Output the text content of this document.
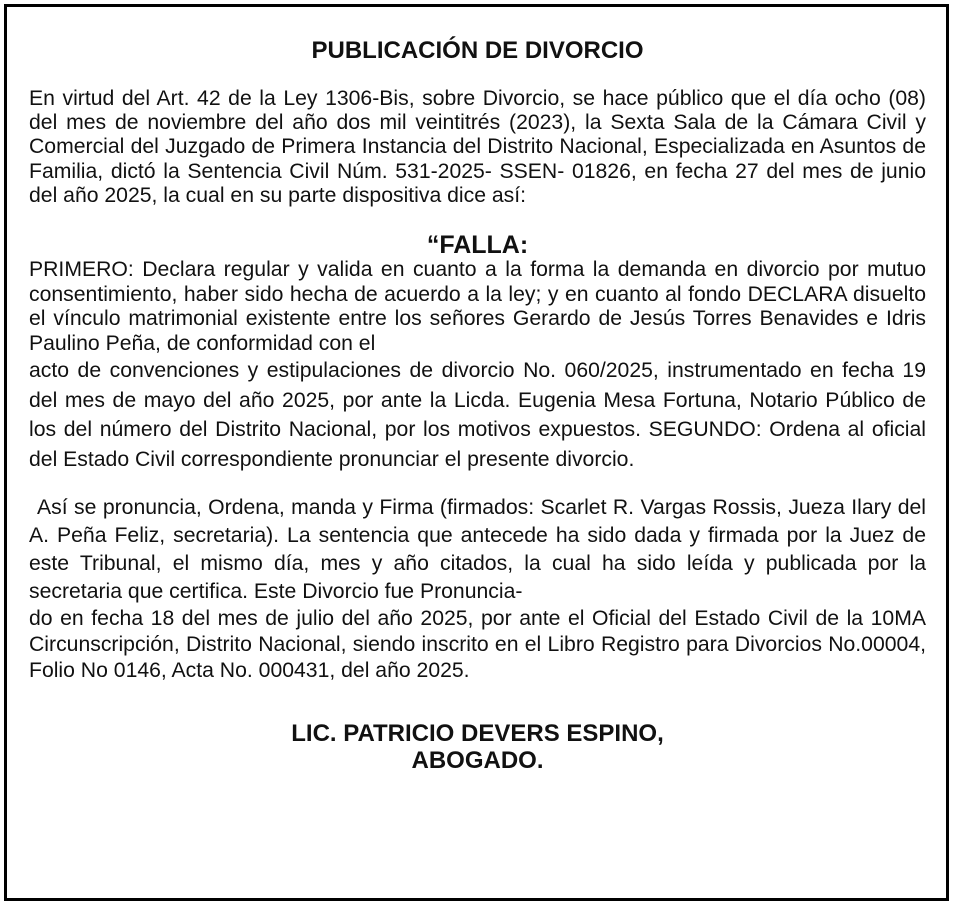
PUBLICACIÓN DE DIVORCIO

En virtud del Art. 42 de la Ley 1306-Bis, sobre Divorcio, se hace público que el día ocho (08) del mes de noviembre del año dos mil veintitrés (2023), la Sexta Sala de la Cámara Civil y Comercial del Juzgado de Primera Instancia del Distrito Nacional, Especializada en Asuntos de Familia, dictó la Sentencia Civil Núm. 531-2025- SSEN- 01826, en fecha 27 del mes de junio del año 2025, la cual en su parte dispositiva dice así:

“FALLA:

PRIMERO: Declara regular y valida en cuanto a la forma la demanda en divorcio por mutuo consentimiento, haber sido hecha de acuerdo a la ley; y en cuanto al fondo DECLARA disuelto el vínculo matrimonial existente entre los señores Gerardo de Jesús Torres Benavides e Idris Paulino Peña, de conformidad con el

acto de convenciones y estipulaciones de divorcio No. 060/2025, instrumentado en fecha 19 del mes de mayo del año 2025, por ante la Licda. Eugenia Mesa Fortuna, Notario Público de los del número del Distrito Nacional, por los motivos expuestos. SEGUNDO: Ordena al oficial del Estado Civil correspondiente pronunciar el presente divorcio.

Así se pronuncia, Ordena, manda y Firma (firmados: Scarlet R. Vargas Rossis, Jueza Ilary del A. Peña Feliz, secretaria). La sentencia que antecede ha sido dada y firmada por la Juez de este Tribunal, el mismo día, mes y año citados, la cual ha sido leída y publicada por la secretaria que certifica. Este Divorcio fue Pronuncia-

do en fecha 18 del mes de julio del año 2025, por ante el Oficial del Estado Civil de la 10MA Circunscripción, Distrito Nacional, siendo inscrito en el Libro Registro para Divorcios No.00004, Folio No 0146, Acta No. 000431, del año 2025.

LIC. PATRICIO DEVERS ESPINO,
ABOGADO.
